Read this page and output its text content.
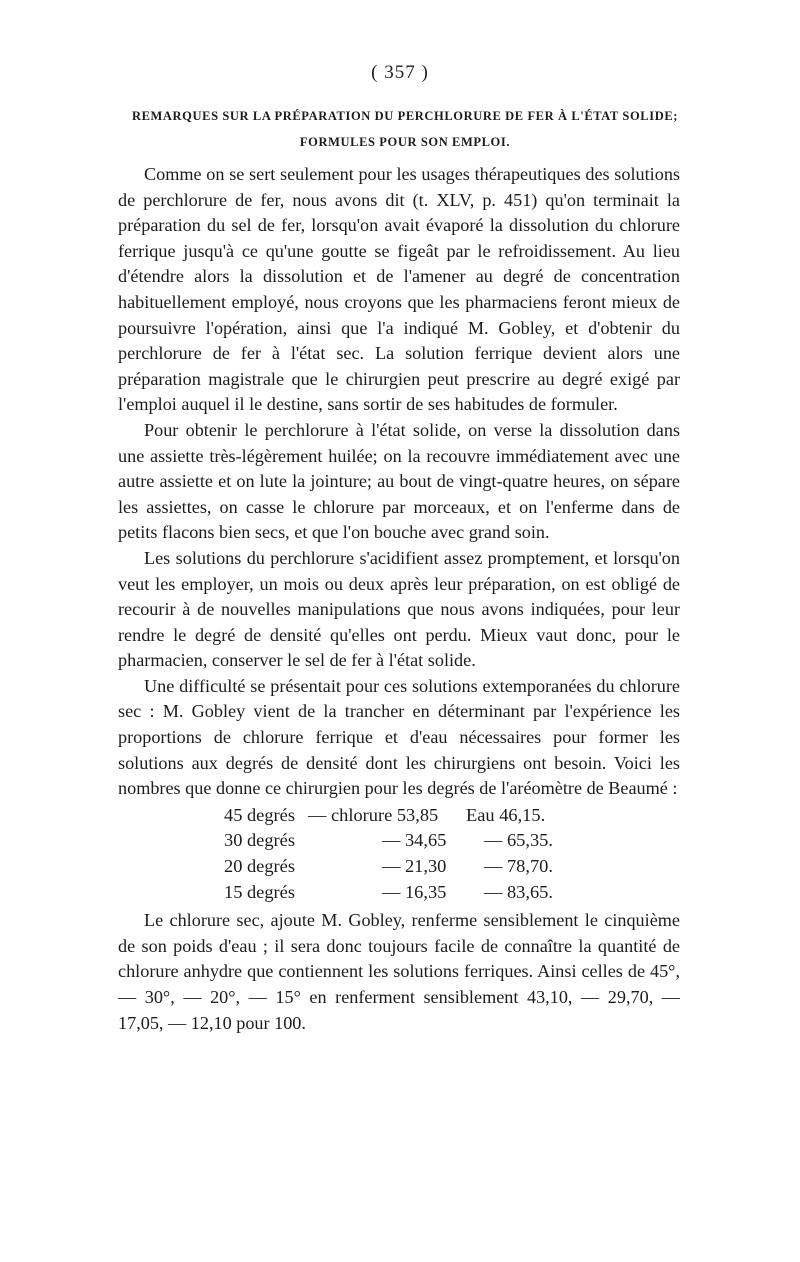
( 357 )
REMARQUES SUR LA PRÉPARATION DU PERCHLORURE DE FER À L'ÉTAT SOLIDE;
FORMULES POUR SON EMPLOI.

Comme on se sert seulement pour les usages thérapeutiques des solutions de perchlorure de fer, nous avons dit (t. XLV, p. 451) qu'on terminait la préparation du sel de fer, lorsqu'on avait évaporé la dissolution du chlorure ferrique jusqu'à ce qu'une goutte se figeât par le refroidissement. Au lieu d'étendre alors la dissolution et de l'amener au degré de concentration habituellement employé, nous croyons que les pharmaciens feront mieux de poursuivre l'opération, ainsi que l'a indiqué M. Gobley, et d'obtenir du perchlorure de fer à l'état sec. La solution ferrique devient alors une préparation magistrale que le chirurgien peut prescrire au degré exigé par l'emploi auquel il le destine, sans sortir de ses habitudes de formuler.

Pour obtenir le perchlorure à l'état solide, on verse la dissolution dans une assiette très-légèrement huilée; on la recouvre immédiatement avec une autre assiette et on lute la jointure; au bout de vingt-quatre heures, on sépare les assiettes, on casse le chlorure par morceaux, et on l'enferme dans de petits flacons bien secs, et que l'on bouche avec grand soin.

Les solutions du perchlorure s'acidifient assez promptement, et lorsqu'on veut les employer, un mois ou deux après leur préparation, on est obligé de recourir à de nouvelles manipulations que nous avons indiquées, pour leur rendre le degré de densité qu'elles ont perdu. Mieux vaut donc, pour le pharmacien, conserver le sel de fer à l'état solide.

Une difficulté se présentait pour ces solutions extemporanées du chlorure sec : M. Gobley vient de la trancher en déterminant par l'expérience les proportions de chlorure ferrique et d'eau nécessaires pour former les solutions aux degrés de densité dont les chirurgiens ont besoin. Voici les nombres que donne ce chirurgien pour les degrés de l'aréomètre de Beaumé :

45 degrés	— chlorure 53,85	Eau 46,15.
30 degrés	— 34,65	— 65,35.
20 degrés	— 21,30	— 78,70.
15 degrés	— 16,35	— 83,65.

Le chlorure sec, ajoute M. Gobley, renferme sensiblement le cinquième de son poids d'eau ; il sera donc toujours facile de connaître la quantité de chlorure anhydre que contiennent les solutions ferriques. Ainsi celles de 45°, — 30°, — 20°, — 15° en renferment sensiblement 43,10, — 29,70, — 17,05, — 12,10 pour 100.
